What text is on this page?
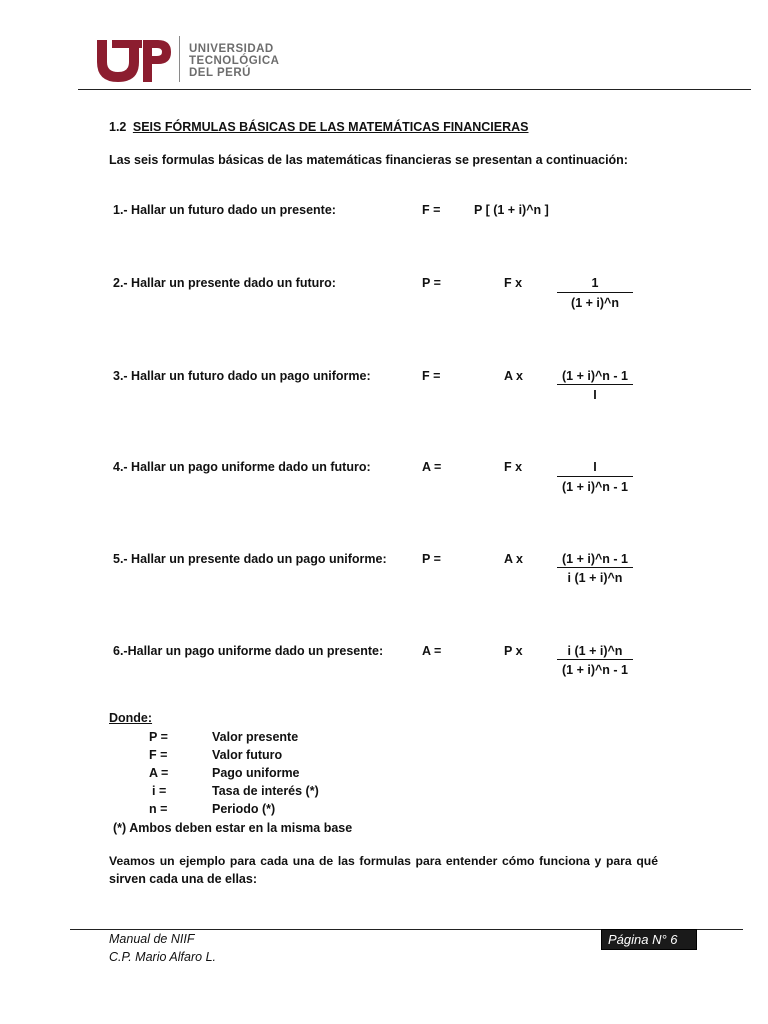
UNIVERSIDAD
TECNOLÓGICA
DEL PERÚ
1.2 SEIS FÓRMULAS BÁSICAS DE LAS MATEMÁTICAS FINANCIERAS
Las seis formulas básicas de las matemáticas financieras se presentan a continuación:
1.- Hallar un futuro dado un presente:	F =	P [ (1 + i)^n ]
2.- Hallar un presente dado un futuro:	P =	F x	1
(1 + i)^n
3.- Hallar un futuro dado un pago uniforme:	F =	A x	(1 + i)^n - 1
I
4.- Hallar un pago uniforme dado un futuro:	A =	F x	I
(1 + i)^n - 1
5.- Hallar un presente dado un pago uniforme:	P =	A x	(1 + i)^n - 1
i (1 + i)^n
6.-Hallar un pago uniforme dado un presente:	A =	P x	i (1 + i)^n
(1 + i)^n - 1
Donde:
P =	Valor presente
F =	Valor futuro
A =	Pago uniforme
i =	Tasa de interés (*)
n =	Periodo (*)
(*) Ambos deben estar en la misma base
Veamos un ejemplo para cada una de las formulas para entender cómo funciona y para qué
sirven cada una de ellas:
Manual de NIIF
C.P. Mario Alfaro L.
Página N° 6
